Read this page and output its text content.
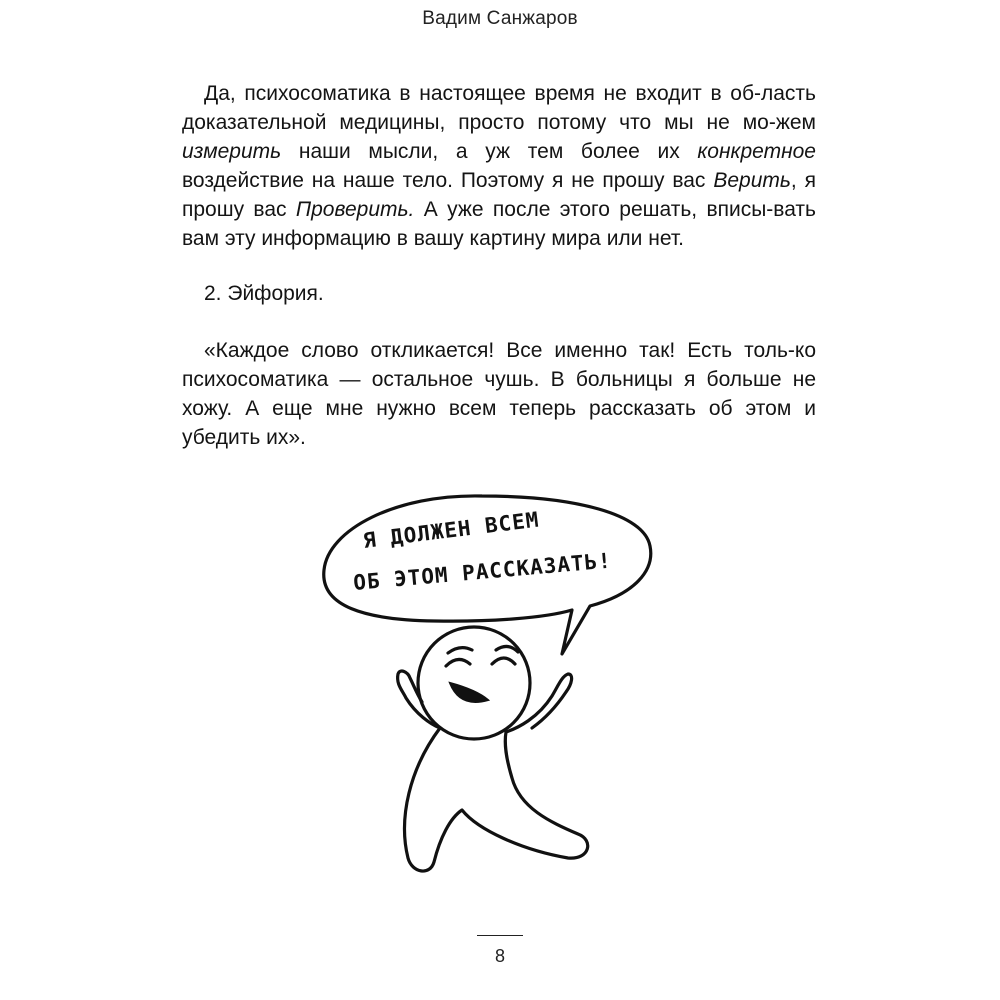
Вадим Санжаров

Да, психосоматика в настоящее время не входит в об-ласть доказательной медицины, просто потому что мы не мо-жем измерить наши мысли, а уж тем более их конкретное воздействие на наше тело. Поэтому я не прошу вас Верить, я прошу вас Проверить. А уже после этого решать, вписы-вать вам эту информацию в вашу картину мира или нет.

2. Эйфория.

«Каждое слово откликается! Все именно так! Есть толь-ко психосоматика — остальное чушь. В больницы я больше не хожу. А еще мне нужно всем теперь рассказать об этом и убедить их».

Я ДОЛЖЕН ВСЕМ
ОБ ЭТОМ РАССКАЗАТЬ!
8
